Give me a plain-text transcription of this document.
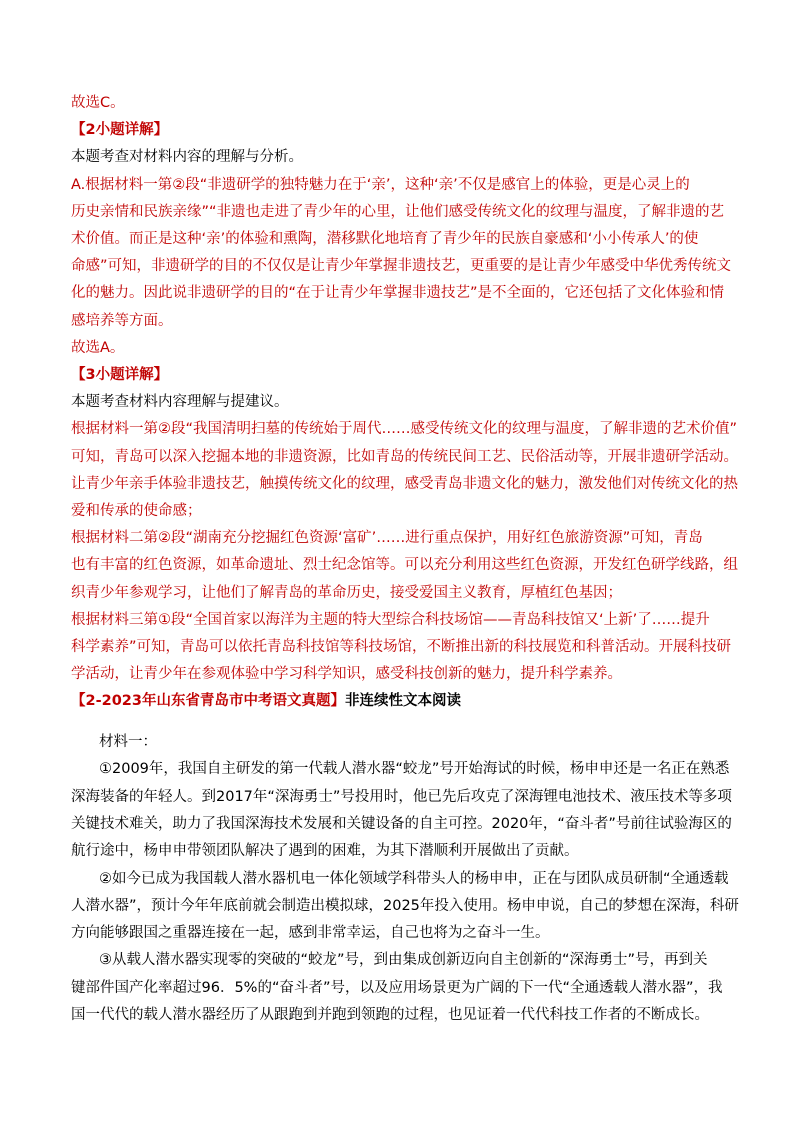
故选C。
【2小题详解】
本题考查对材料内容的理解与分析。
A.根据材料一第②段“非遗研学的独特魅力在于‘亲’，这种‘亲’不仅是感官上的体验，更是心灵上的
历史亲情和民族亲缘”“非遗也走进了青少年的心里，让他们感受传统文化的纹理与温度，了解非遗的艺
术价值。而正是这种‘亲’的体验和熏陶，潜移默化地培育了青少年的民族自豪感和‘小小传承人’的使
命感”可知，非遗研学的目的不仅仅是让青少年掌握非遗技艺，更重要的是让青少年感受中华优秀传统文
化的魅力。因此说非遗研学的目的“在于让青少年掌握非遗技艺”是不全面的，它还包括了文化体验和情
感培养等方面。
故选A。
【3小题详解】
本题考查材料内容理解与提建议。
根据材料一第②段“我国清明扫墓的传统始于周代……感受传统文化的纹理与温度，了解非遗的艺术价值”
可知，青岛可以深入挖掘本地的非遗资源，比如青岛的传统民间工艺、民俗活动等，开展非遗研学活动。
让青少年亲手体验非遗技艺，触摸传统文化的纹理，感受青岛非遗文化的魅力，激发他们对传统文化的热
爱和传承的使命感；
根据材料二第②段“湖南充分挖掘红色资源‘富矿’……进行重点保护，用好红色旅游资源”可知，青岛
也有丰富的红色资源，如革命遗址、烈士纪念馆等。可以充分利用这些红色资源，开发红色研学线路，组
织青少年参观学习，让他们了解青岛的革命历史，接受爱国主义教育，厚植红色基因；
根据材料三第①段“全国首家以海洋为主题的特大型综合科技场馆——青岛科技馆又‘上新’了……提升
科学素养”可知，青岛可以依托青岛科技馆等科技场馆，不断推出新的科技展览和科普活动。开展科技研
学活动，让青少年在参观体验中学习科学知识，感受科技创新的魅力，提升科学素养。
【2-2023年山东省青岛市中考语文真题】非连续性文本阅读
材料一：
①2009年，我国自主研发的第一代载人潜水器“蛟龙”号开始海试的时候，杨申申还是一名正在熟悉
深海装备的年轻人。到2017年“深海勇士”号投用时，他已先后攻克了深海锂电池技术、液压技术等多项
关键技术难关，助力了我国深海技术发展和关键设备的自主可控。2020年，“奋斗者”号前往试验海区的
航行途中，杨申申带领团队解决了遇到的困难，为其下潜顺利开展做出了贡献。
②如今已成为我国载人潜水器机电一体化领域学科带头人的杨申申，正在与团队成员研制“全通透载
人潜水器”，预计今年年底前就会制造出模拟球，2025年投入使用。杨申申说，自己的梦想在深海，科研
方向能够跟国之重器连接在一起，感到非常幸运，自己也将为之奋斗一生。
③从载人潜水器实现零的突破的“蛟龙”号，到由集成创新迈向自主创新的“深海勇士”号，再到关
键部件国产化率超过96．5%的“奋斗者”号，以及应用场景更为广阔的下一代“全通透载人潜水器”，我
国一代代的载人潜水器经历了从跟跑到并跑到领跑的过程，也见证着一代代科技工作者的不断成长。
